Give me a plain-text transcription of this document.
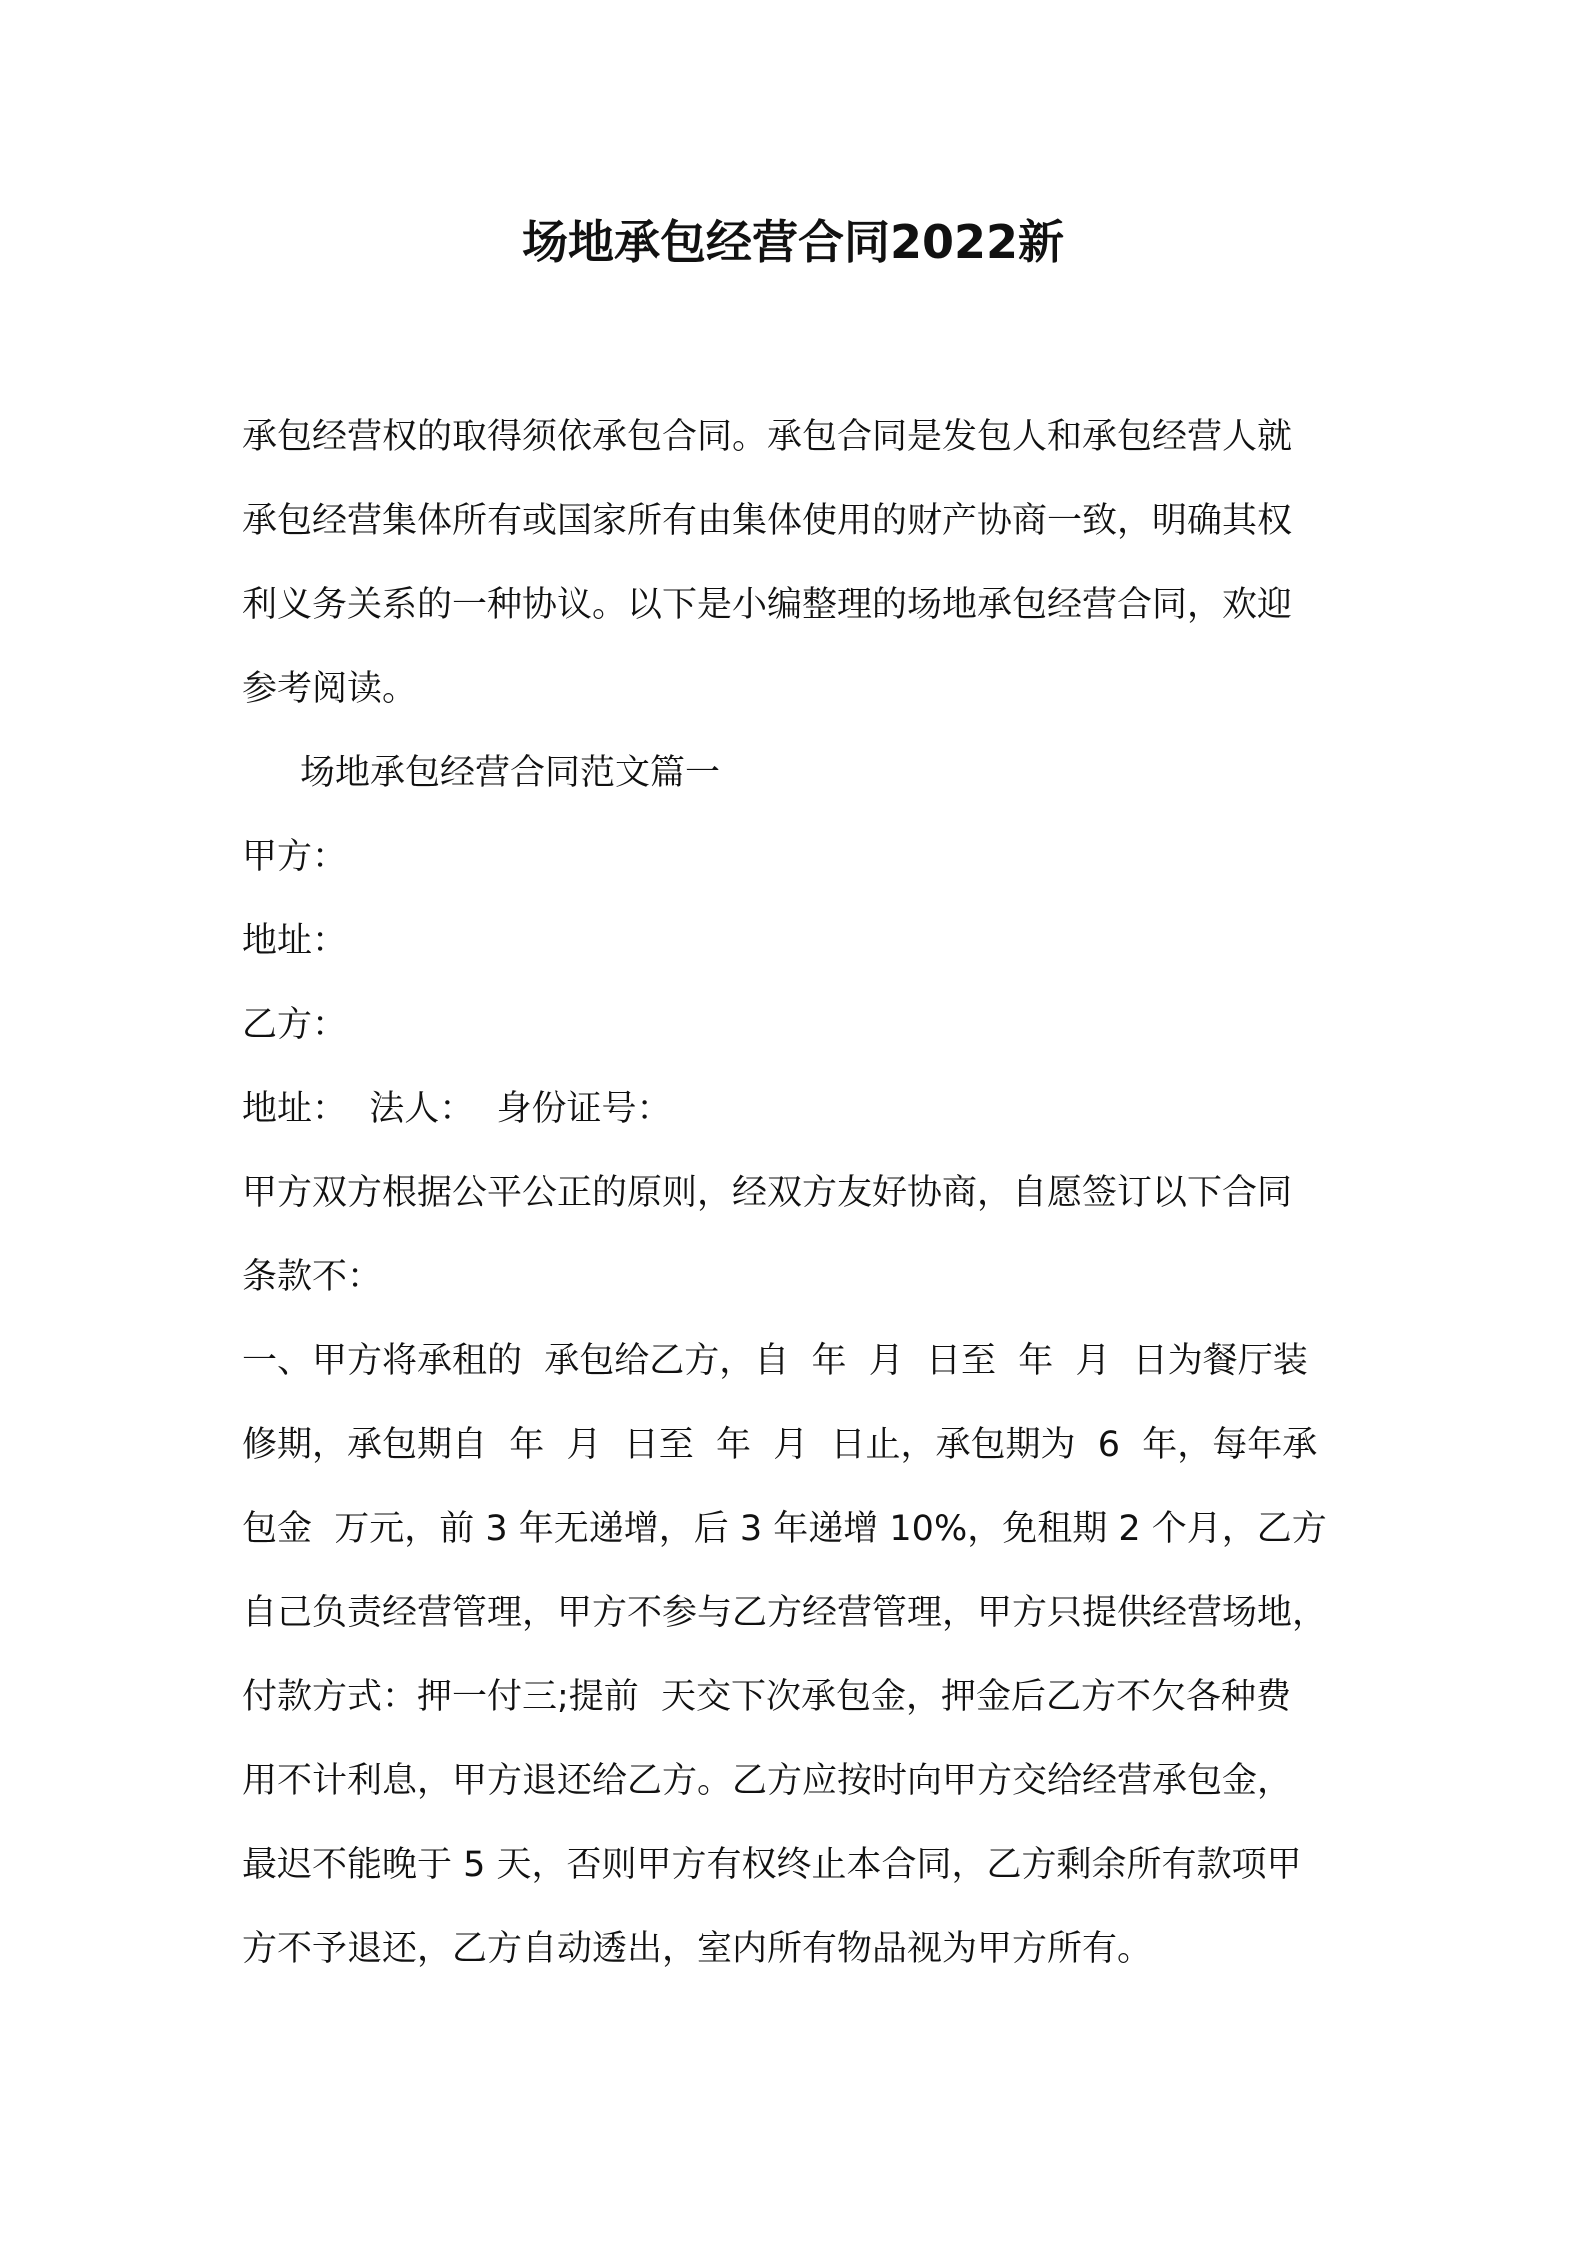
场地承包经营合同2022新

承包经营权的取得须依承包合同。承包合同是发包人和承包经营人就

承包经营集体所有或国家所有由集体使用的财产协商一致，明确其权

利义务关系的一种协议。以下是小编整理的场地承包经营合同，欢迎

参考阅读。

场地承包经营合同范文篇一

甲方：

地址：

乙方：

地址：  法人：  身份证号：

甲方双方根据公平公正的原则，经双方友好协商，自愿签订以下合同

条款不：

一、甲方将承租的  承包给乙方，自  年  月  日至  年  月  日为餐厅装

修期，承包期自  年  月  日至  年  月  日止，承包期为  6  年，每年承

包金  万元，前 3 年无递增，后 3 年递增 10%，免租期 2 个月，乙方

自己负责经营管理，甲方不参与乙方经营管理，甲方只提供经营场地，

付款方式：押一付三;提前  天交下次承包金，押金后乙方不欠各种费

用不计利息，甲方退还给乙方。乙方应按时向甲方交给经营承包金，

最迟不能晚于 5 天，否则甲方有权终止本合同，乙方剩余所有款项甲

方不予退还，乙方自动透出，室内所有物品视为甲方所有。
